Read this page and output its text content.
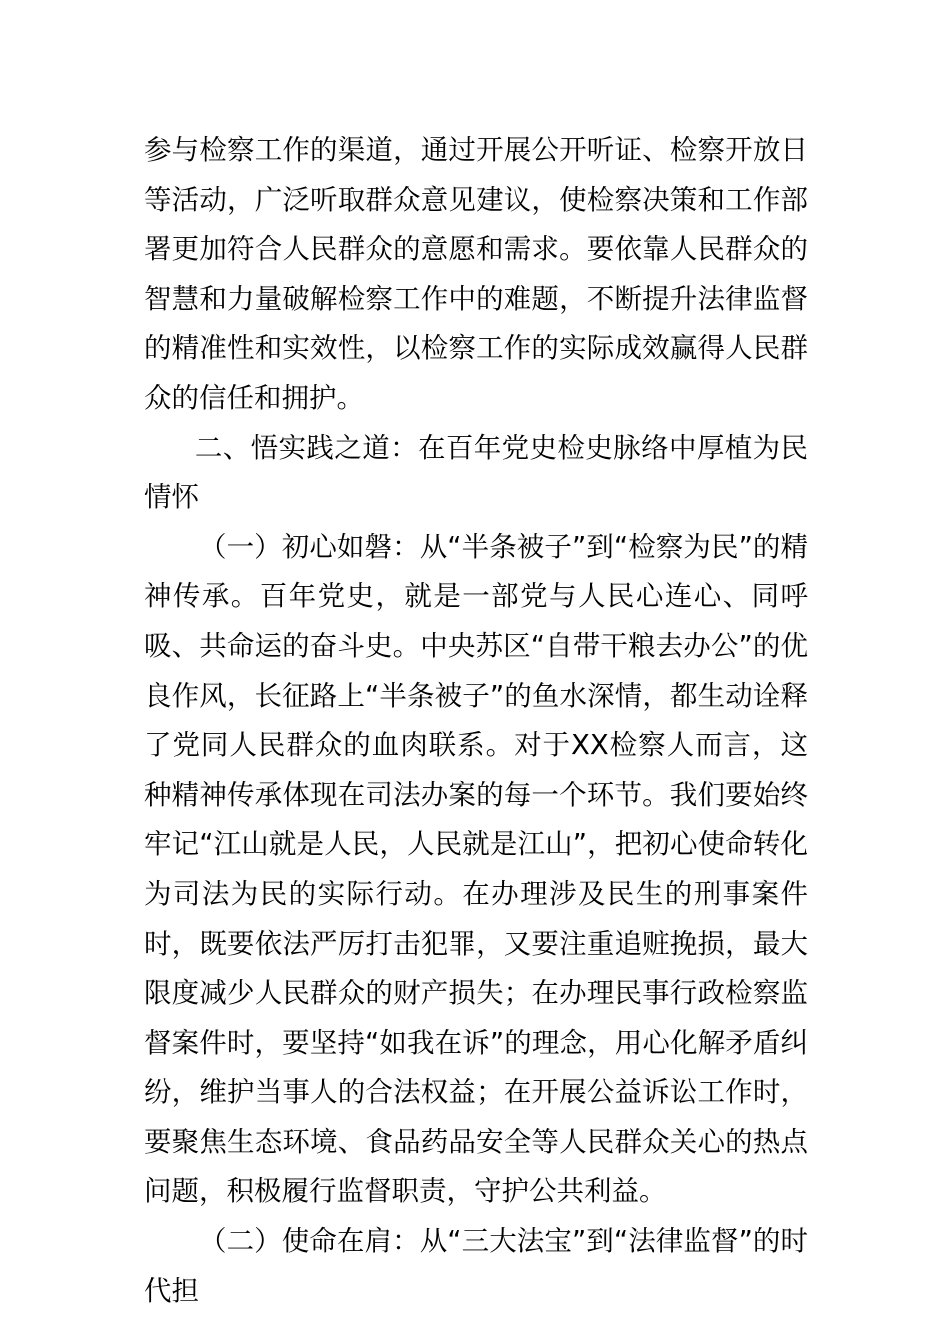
参与检察工作的渠道，通过开展公开听证、检察开放日等活动，广泛听取群众意见建议，使检察决策和工作部署更加符合人民群众的意愿和需求。要依靠人民群众的智慧和力量破解检察工作中的难题，不断提升法律监督的精准性和实效性，以检察工作的实际成效赢得人民群众的信任和拥护。

二、悟实践之道：在百年党史检史脉络中厚植为民情怀

（一）初心如磐：从“半条被子”到“检察为民”的精神传承。百年党史，就是一部党与人民心连心、同呼吸、共命运的奋斗史。中央苏区“自带干粮去办公”的优良作风，长征路上“半条被子”的鱼水深情，都生动诠释了党同人民群众的血肉联系。对于XX检察人而言，这种精神传承体现在司法办案的每一个环节。我们要始终牢记“江山就是人民，人民就是江山”，把初心使命转化为司法为民的实际行动。在办理涉及民生的刑事案件时，既要依法严厉打击犯罪，又要注重追赃挽损，最大限度减少人民群众的财产损失；在办理民事行政检察监督案件时，要坚持“如我在诉”的理念，用心化解矛盾纠纷，维护当事人的合法权益；在开展公益诉讼工作时，要聚焦生态环境、食品药品安全等人民群众关心的热点问题，积极履行监督职责，守护公共利益。

（二）使命在肩：从“三大法宝”到“法律监督”的时代担
